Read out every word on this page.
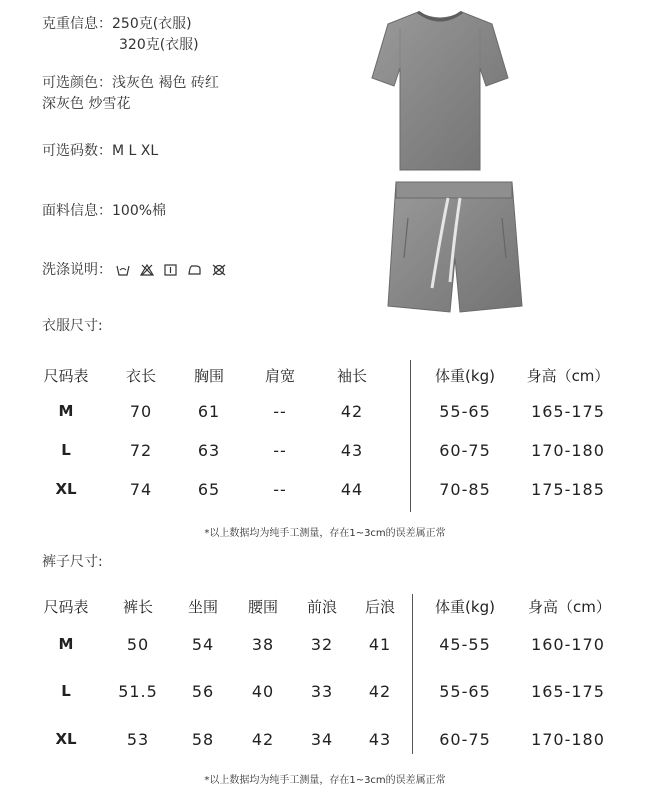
克重信息：250克(衣服)
320克(衣服)
可选颜色：浅灰色 褐色 砖红
深灰色 炒雪花
可选码数：M L XL
面料信息：100%棉
洗涤说明：
衣服尺寸:
尺码表	衣长	胸围	肩宽	袖长	体重(kg)	身高（cm）
M	70	61	--	42	55-65	165-175
L	72	63	--	43	60-75	170-180
XL	74	65	--	44	70-85	175-185
*以上数据均为纯手工测量，存在1~3cm的误差属正常
裤子尺寸:
尺码表	裤长	坐围	腰围	前浪	后浪	体重(kg)	身高（cm）
M	50	54	38	32	41	45-55	160-170
L	51.5	56	40	33	42	55-65	165-175
XL	53	58	42	34	43	60-75	170-180
*以上数据均为纯手工测量，存在1~3cm的误差属正常
